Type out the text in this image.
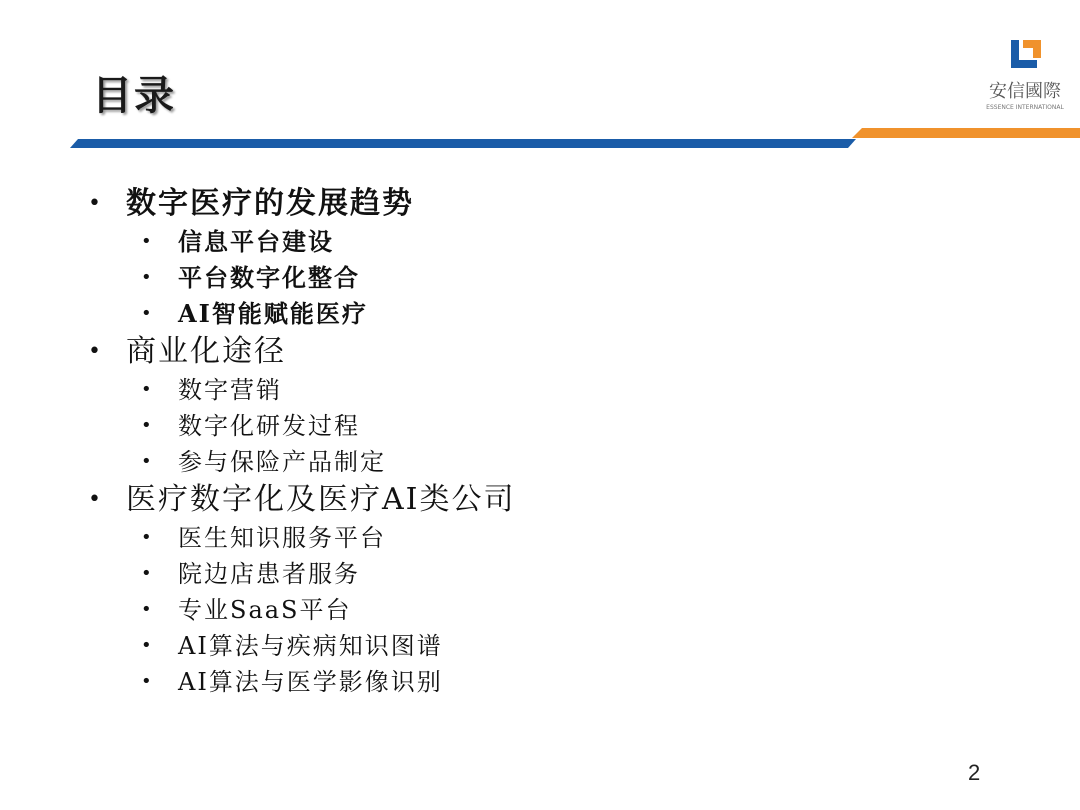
目录	安信國際
ESSENCE INTERNATIONAL
• 数字医疗的发展趋势
• 信息平台建设
• 平台数字化整合
• AI智能赋能医疗
• 商业化途径
• 数字营销
• 数字化研发过程
• 参与保险产品制定
• 医疗数字化及医疗AI类公司
• 医生知识服务平台
• 院边店患者服务
• 专业SaaS平台
• AI算法与疾病知识图谱
• AI算法与医学影像识别
2
